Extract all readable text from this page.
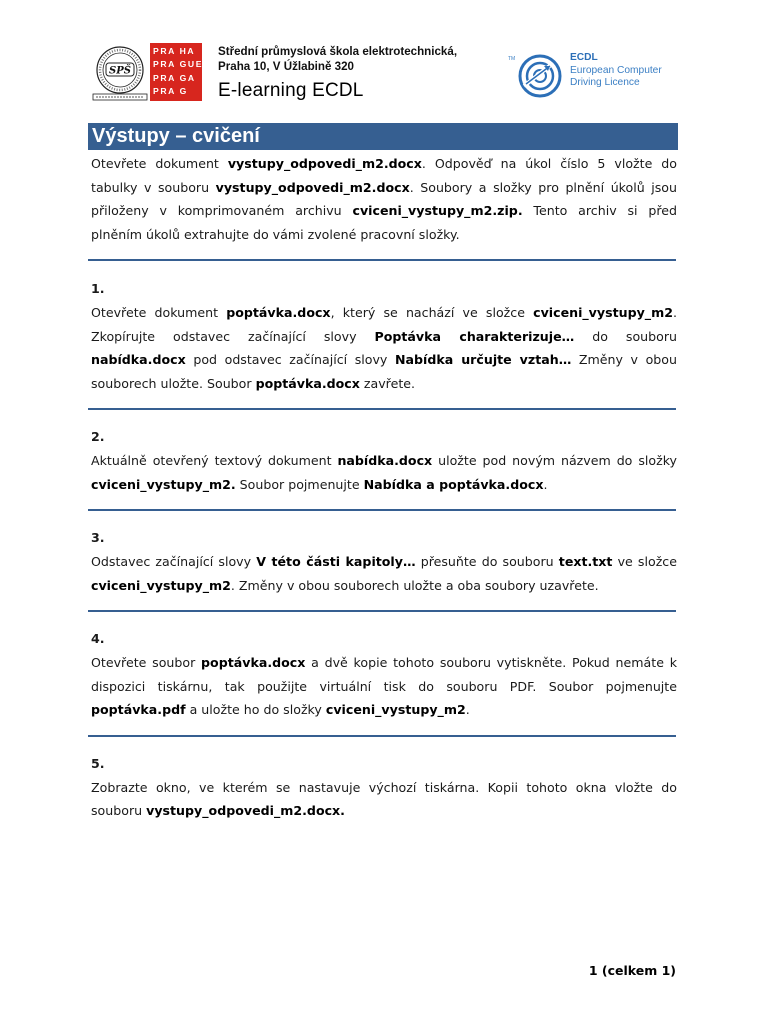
SPŠ
PRA HA
PRA GUE
PRA GA
PRA G
Střední průmyslová škola elektrotechnická,
Praha 10, V Úžlabině 320
E-learning ECDL
TM	ECDL
European Computer
Driving Licence
Výstupy – cvičení

Otevřete dokument vystupy_odpovedi_m2.docx. Odpověď na úkol číslo 5 vložte do tabulky v souboru vystupy_odpovedi_m2.docx. Soubory a složky pro plnění úkolů jsou přiloženy v komprimovaném archivu cviceni_vystupy_m2.zip. Tento archiv si před plněním úkolů extrahujte do vámi zvolené pracovní složky.

1.

Otevřete dokument poptávka.docx, který se nachází ve složce cviceni_vystupy_m2. Zkopírujte odstavec začínající slovy Poptávka charakterizuje… do souboru nabídka.docx pod odstavec začínající slovy Nabídka určujte vztah… Změny v obou souborech uložte. Soubor poptávka.docx zavřete.

2.

Aktuálně otevřený textový dokument nabídka.docx uložte pod novým názvem do složky cviceni_vystupy_m2. Soubor pojmenujte Nabídka a poptávka.docx.

3.

Odstavec začínající slovy V této části kapitoly… přesuňte do souboru text.txt ve složce cviceni_vystupy_m2. Změny v obou souborech uložte a oba soubory uzavřete.

4.

Otevřete soubor poptávka.docx a dvě kopie tohoto souboru vytiskněte. Pokud nemáte k dispozici tiskárnu, tak použijte virtuální tisk do souboru PDF. Soubor pojmenujte poptávka.pdf a uložte ho do složky cviceni_vystupy_m2.

5.

Zobrazte okno, ve kterém se nastavuje výchozí tiskárna. Kopii tohoto okna vložte do souboru vystupy_odpovedi_m2.docx.

1 (celkem 1)
